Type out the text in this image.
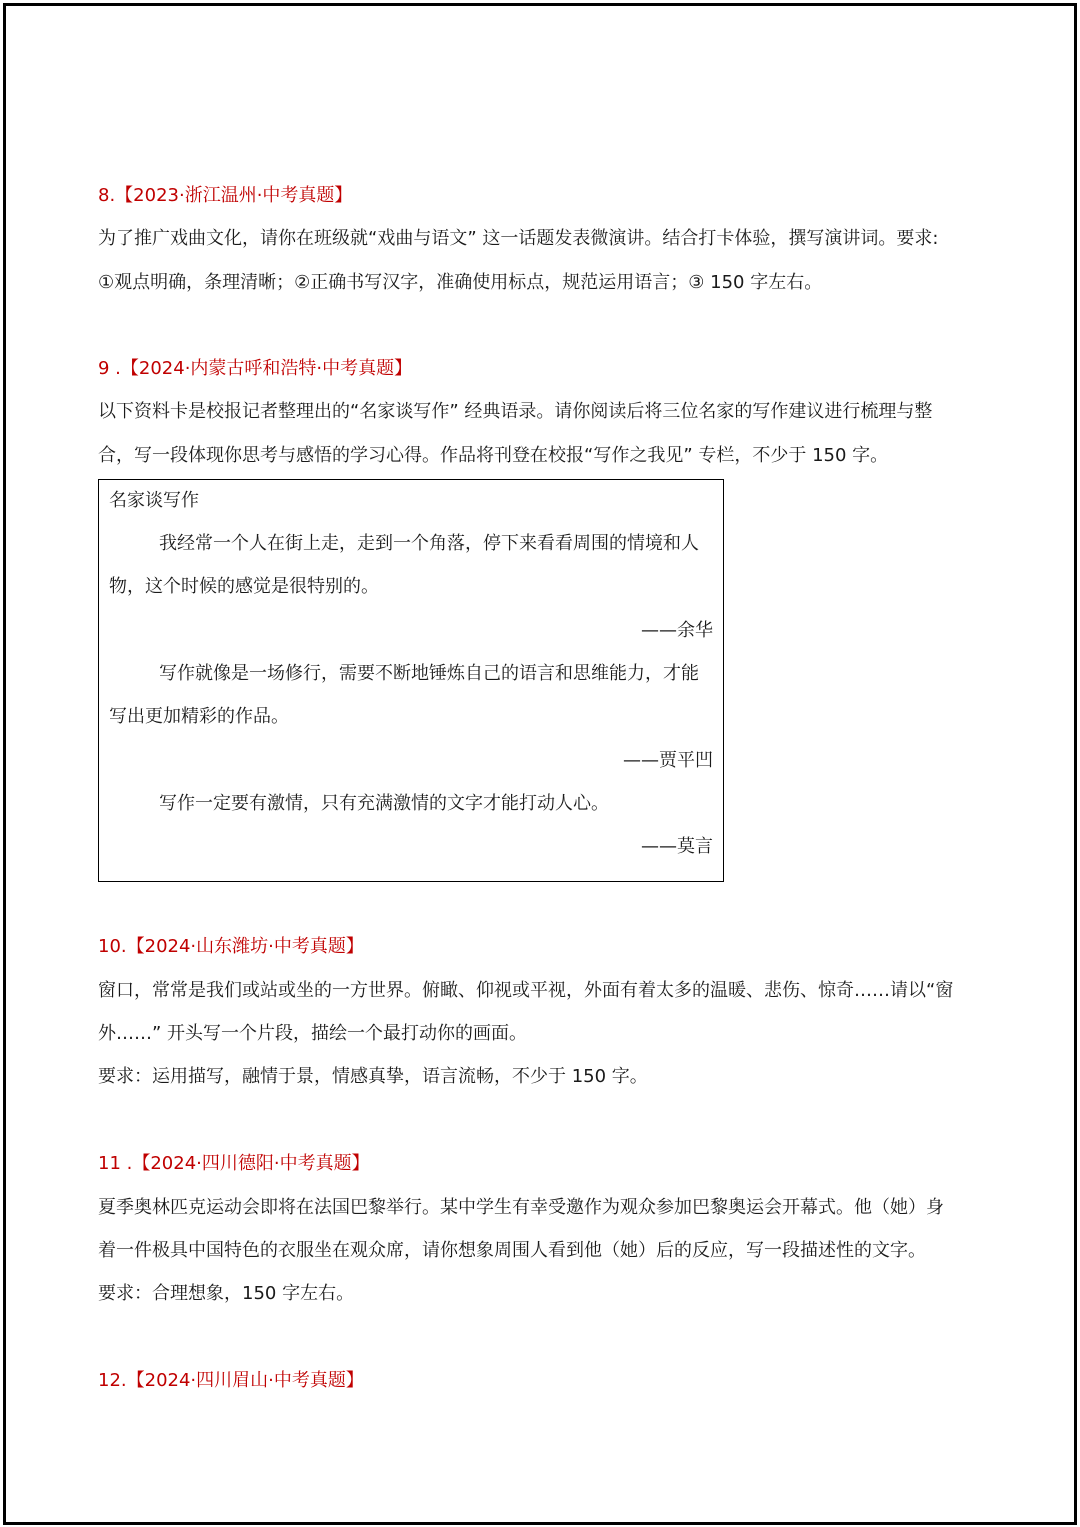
8.【2023·浙江温州·中考真题】
为了推广戏曲文化，请你在班级就“戏曲与语文” 这一话题发表微演讲。结合打卡体验，撰写演讲词。要求:
①观点明确，条理清晰；②正确书写汉字，准确使用标点，规范运用语言；③ 150 字左右。
9 .【2024·内蒙古呼和浩特·中考真题】
以下资料卡是校报记者整理出的“名家谈写作” 经典语录。请你阅读后将三位名家的写作建议进行梳理与整
合，写一段体现你思考与感悟的学习心得。作品将刊登在校报“写作之我见” 专栏，不少于 150 字。
10.【2024·山东潍坊·中考真题】
窗口，常常是我们或站或坐的一方世界。俯瞰、仰视或平视，外面有着太多的温暖、悲伤、惊奇……请以“窗
外……” 开头写一个片段，描绘一个最打动你的画面。
要求：运用描写，融情于景，情感真挚，语言流畅，不少于 150 字。
11 .【2024·四川德阳·中考真题】
夏季奥林匹克运动会即将在法国巴黎举行。某中学生有幸受邀作为观众参加巴黎奥运会开幕式。他（她）身
着一件极具中国特色的衣服坐在观众席，请你想象周围人看到他（她）后的反应，写一段描述性的文字。
要求：合理想象，150 字左右。
12.【2024·四川眉山·中考真题】
名家谈写作
我经常一个人在街上走，走到一个角落，停下来看看周围的情境和人
物，这个时候的感觉是很特别的。
——余华
写作就像是一场修行，需要不断地锤炼自己的语言和思维能力，才能
写出更加精彩的作品。
——贾平凹
写作一定要有激情，只有充满激情的文字才能打动人心。
——莫言
